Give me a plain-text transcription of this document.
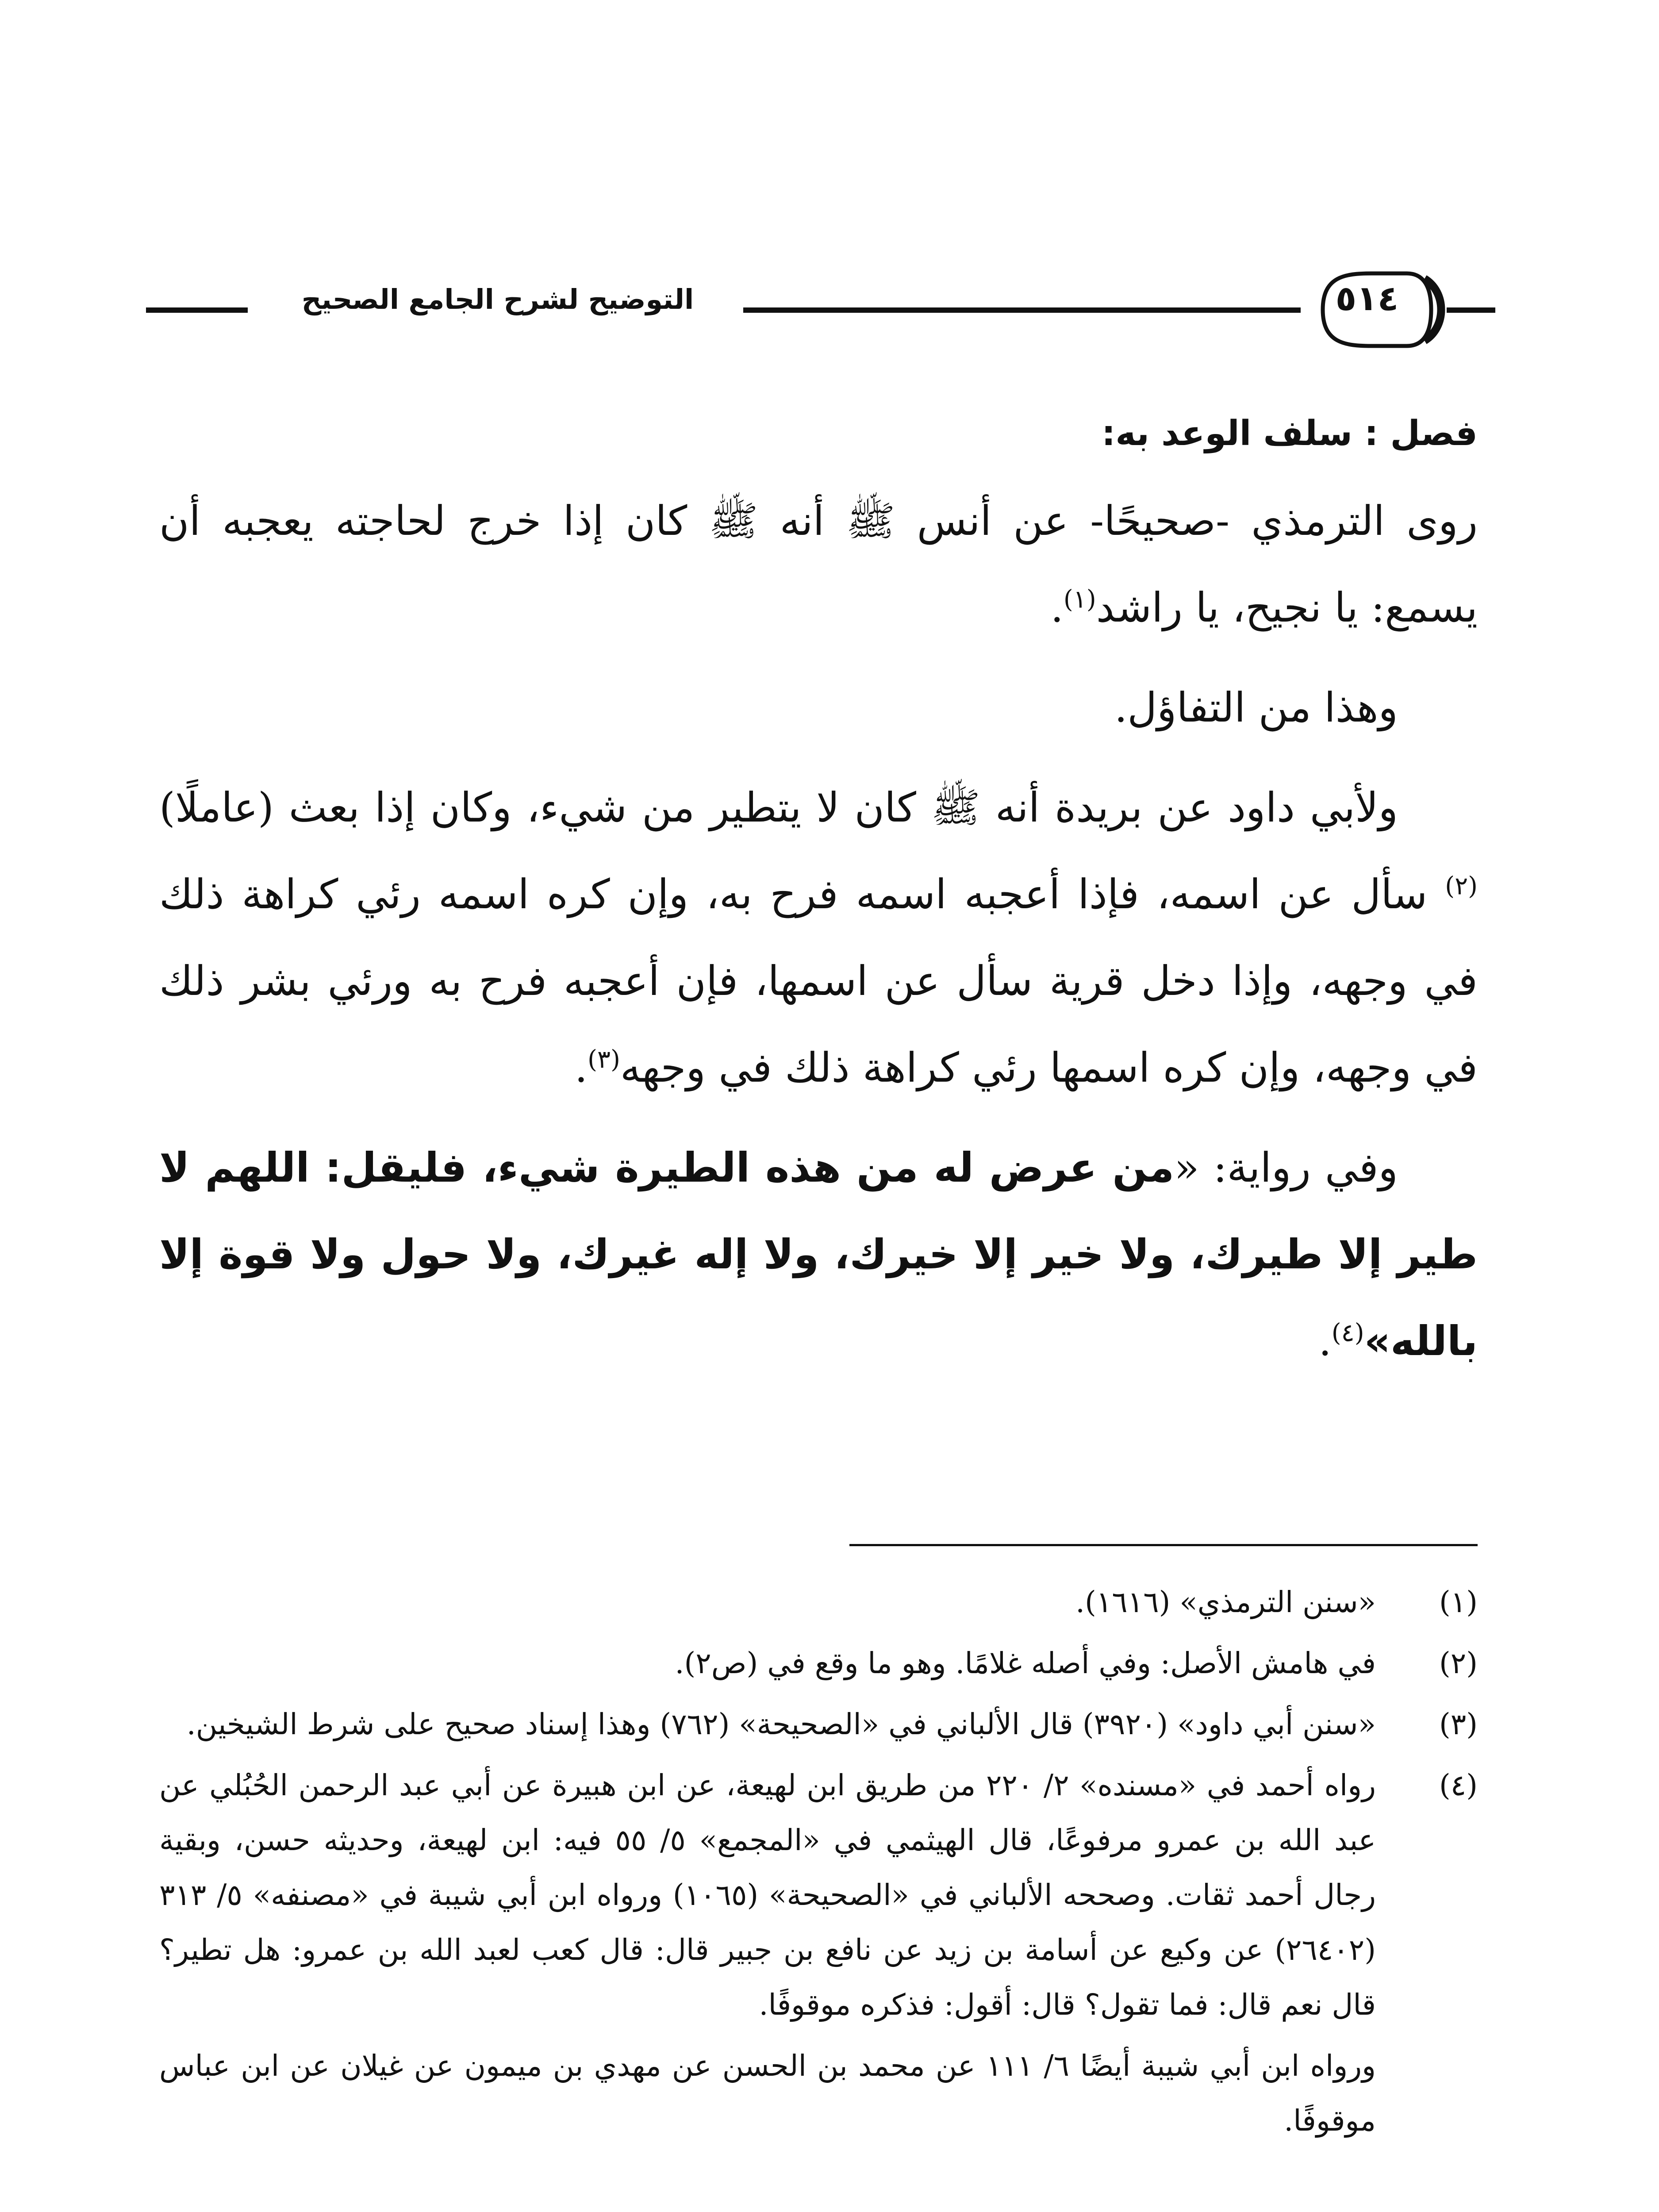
التوضيح لشرح الجامع الصحيح	٥١٤
فصل : سلف الوعد به:

روى الترمذي -صحيحًا- عن أنس ﷺ أنه ﷺ كان إذا خرج لحاجته يعجبه أن يسمع: يا نجيح، يا راشد$^{(١)}$.

وهذا من التفاؤل.

ولأبي داود عن بريدة أنه ﷺ كان لا يتطير من شيء، وكان إذا بعث (عاملًا)$^{(٢)}$ سأل عن اسمه، فإذا أعجبه اسمه فرح به، وإن كره اسمه رئي كراهة ذلك في وجهه، وإذا دخل قرية سأل عن اسمها، فإن أعجبه فرح به ورئي بشر ذلك في وجهه، وإن كره اسمها رئي كراهة ذلك في وجهه$^{(٣)}$.

وفي رواية: «من عرض له من هذه الطيرة شيء، فليقل: اللهم لا طير إلا طيرك، ولا خير إلا خيرك، ولا إله غيرك، ولا حول ولا قوة إلا بالله»$^{(٤)}$.

(١)
«سنن الترمذي» (١٦١٦).
(٢)
في هامش الأصل: وفي أصله غلامًا. وهو ما وقع في (ص٢).
(٣)
«سنن أبي داود» (٣٩٢٠) قال الألباني في «الصحيحة» (٧٦٢) وهذا إسناد صحيح على شرط الشيخين.
(٤)
رواه أحمد في «مسنده» ٢/ ٢٢٠ من طريق ابن لهيعة، عن ابن هبيرة عن أبي عبد الرحمن الحُبُلي عن عبد الله بن عمرو مرفوعًا، قال الهيثمي في «المجمع» ٥/ ٥٥ فيه: ابن لهيعة، وحديثه حسن، وبقية رجال أحمد ثقات. وصححه الألباني في «الصحيحة» (١٠٦٥) ورواه ابن أبي شيبة في «مصنفه» ٥/ ٣١٣ (٢٦٤٠٢) عن وكيع عن أسامة بن زيد عن نافع بن جبير قال: قال كعب لعبد الله بن عمرو: هل تطير؟ قال نعم قال: فما تقول؟ قال: أقول: فذكره موقوفًا.
ورواه ابن أبي شيبة أيضًا ٦/ ١١١ عن محمد بن الحسن عن مهدي بن ميمون عن غيلان عن ابن عباس موقوفًا.
